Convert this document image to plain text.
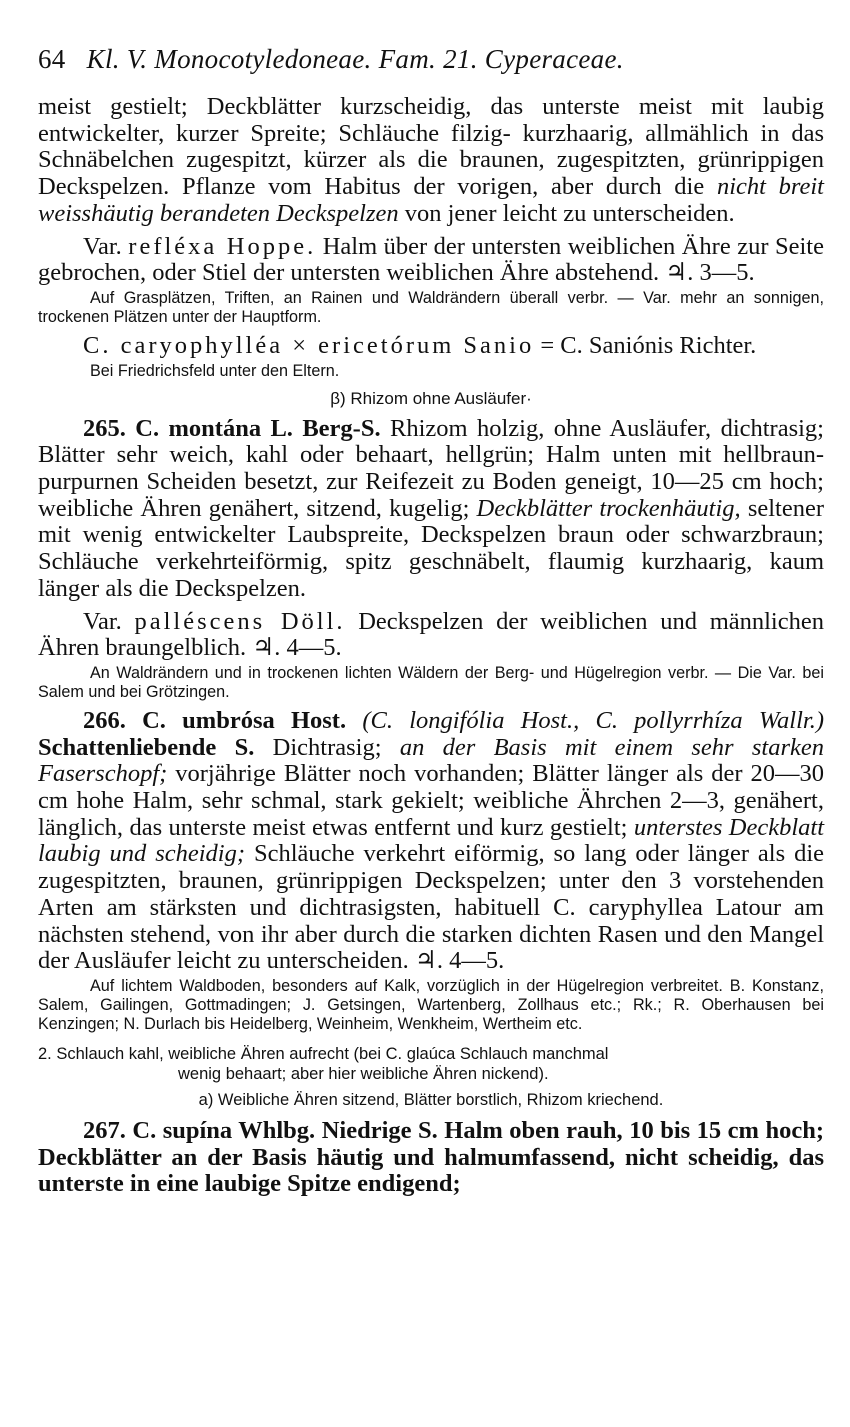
64 Kl. V. Monocotyledoneae. Fam. 21. Cyperaceae.

meist gestielt; Deckblätter kurzscheidig, das unterste meist mit laubig entwickelter, kurzer Spreite; Schläuche filzig- kurzhaarig, allmählich in das Schnäbelchen zugespitzt, kürzer als die braunen, zugespitzten, grünrippigen Deckspelzen. Pflanze vom Habitus der vorigen, aber durch die nicht breit weisshäutig berandeten Deckspelzen von jener leicht zu unterscheiden.

Var. refléxa Hoppe. Halm über der untersten weiblichen Ähre zur Seite gebrochen, oder Stiel der untersten weiblichen Ähre abstehend. ♃. 3—5.

Auf Grasplätzen, Triften, an Rainen und Waldrändern überall verbr. — Var. mehr an sonnigen, trockenen Plätzen unter der Hauptform.

C. caryophylléa × ericetórum Sanio = C. Saniónis Richter.

Bei Friedrichsfeld unter den Eltern.

β) Rhizom ohne Ausläufer·

265. C. montána L. Berg-S. Rhizom holzig, ohne Ausläufer, dichtrasig; Blätter sehr weich, kahl oder behaart, hellgrün; Halm unten mit hellbraun-purpurnen Scheiden besetzt, zur Reifezeit zu Boden geneigt, 10—25 cm hoch; weibliche Ähren genähert, sitzend, kugelig; Deckblätter trockenhäutig, seltener mit wenig entwickelter Laubspreite, Deckspelzen braun oder schwarzbraun; Schläuche verkehrteiförmig, spitz geschnäbelt, flaumig kurzhaarig, kaum länger als die Deckspelzen.

Var. palléscens Döll. Deckspelzen der weiblichen und männlichen Ähren braungelblich. ♃. 4—5.

An Waldrändern und in trockenen lichten Wäldern der Berg- und Hügelregion verbr. — Die Var. bei Salem und bei Grötzingen.

266. C. umbrósa Host. (C. longifólia Host., C. pollyrrhíza Wallr.) Schattenliebende S. Dichtrasig; an der Basis mit einem sehr starken Faserschopf; vorjährige Blätter noch vorhanden; Blätter länger als der 20—30 cm hohe Halm, sehr schmal, stark gekielt; weibliche Ährchen 2—3, genähert, länglich, das unterste meist etwas entfernt und kurz gestielt; unterstes Deckblatt laubig und scheidig; Schläuche verkehrt eiförmig, so lang oder länger als die zugespitzten, braunen, grünrippigen Deckspelzen; unter den 3 vorstehenden Arten am stärksten und dichtrasigsten, habituell C. caryphyllea Latour am nächsten stehend, von ihr aber durch die starken dichten Rasen und den Mangel der Ausläufer leicht zu unterscheiden. ♃. 4—5.

Auf lichtem Waldboden, besonders auf Kalk, vorzüglich in der Hügelregion verbreitet. B. Konstanz, Salem, Gailingen, Gottmadingen; J. Getsingen, Wartenberg, Zollhaus etc.; Rk.; R. Oberhausen bei Kenzingen; N. Durlach bis Heidelberg, Weinheim, Wenkheim, Wertheim etc.

2. Schlauch kahl, weibliche Ähren aufrecht (bei C. glaúca Schlauch manchmal
wenig behaart; aber hier weibliche Ähren nickend).

a) Weibliche Ähren sitzend, Blätter borstlich, Rhizom kriechend.

267. C. supína Whlbg. Niedrige S. Halm oben rauh, 10 bis 15 cm hoch; Deckblätter an der Basis häutig und halmumfassend, nicht scheidig, das unterste in eine laubige Spitze endigend;
